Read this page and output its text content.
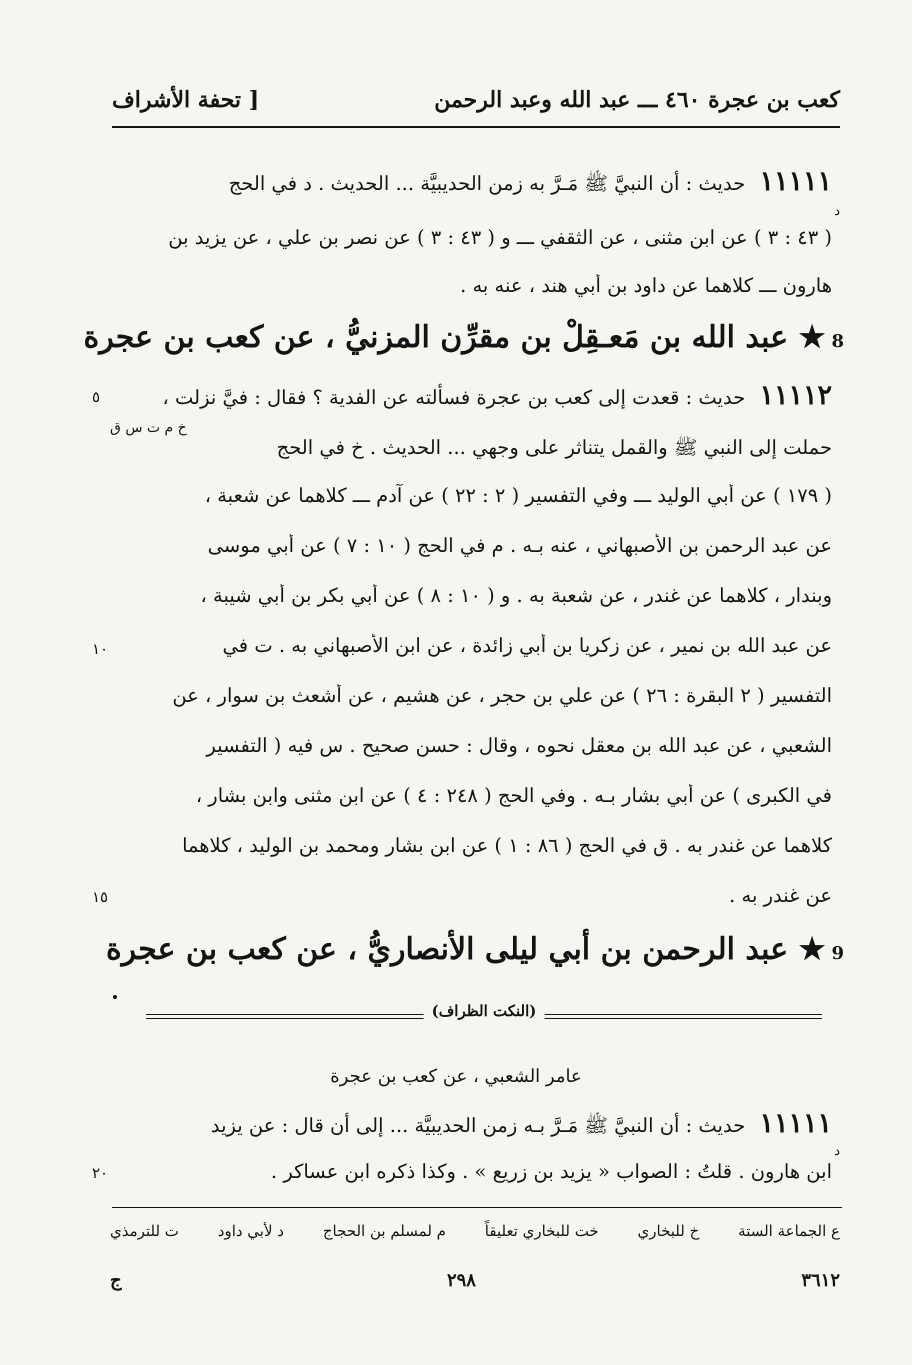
كعب بن عجرة ٤٦٠ ـــ عبد الله وعبد الرحمن
[ تحفة الأشراف
١١١١١ حديث : أن النبيَّ ﷺ مَـرَّ به زمن الحديبيَّة ... الحديث . د في الحج
د
( ٤٣ : ٣ ) عن ابن مثنى ، عن الثقفي ـــ و ( ٤٣ : ٣ ) عن نصر بن علي ، عن يزيد بن
هارون ـــ كلاهما عن داود بن أبي هند ، عنه به .
8★ عبد الله بن مَعـقِلْ بن مقرِّن المزنيُّ ، عن كعب بن عجرة
١١١١٢ حديث : قعدت إلى كعب بن عجرة فسألته عن الفدية ؟ فقال : فيَّ نزلت ،
خ م ت س ق
حملت إلى النبي ﷺ والقمل يتناثر على وجهي ... الحديث . خ في الحج
( ١٧٩ ) عن أبي الوليد ـــ وفي التفسير ( ٢ : ٢٢ ) عن آدم ـــ كلاهما عن شعبة ،
عن عبد الرحمن بن الأصبهاني ، عنه بـه . م في الحج ( ١٠ : ٧ ) عن أبي موسى
وبندار ، كلاهما عن غندر ، عن شعبة به . و ( ١٠ : ٨ ) عن أبي بكر بن أبي شيبة ،
عن عبد الله بن نمير ، عن زكريا بن أبي زائدة ، عن ابن الأصبهاني به . ت في
التفسير ( ٢ البقرة : ٢٦ ) عن علي بن حجر ، عن هشيم ، عن أشعث بن سوار ، عن
الشعبي ، عن عبد الله بن معقل نحوه ، وقال : حسن صحيح . س فيه ( التفسير
في الكبرى ) عن أبي بشار بـه . وفي الحج ( ٢٤٨ : ٤ ) عن ابن مثنى وابن بشار ،
كلاهما عن غندر به . ق في الحج ( ٨٦ : ١ ) عن ابن بشار ومحمد بن الوليد ، كلاهما
عن غندر به .
٥
١٠
١٥
9★ عبد الرحمن بن أبي ليلى الأنصاريُّ ، عن كعب بن عجرة
(النكت الظراف)
عامر الشعبي ، عن كعب بن عجرة
١١١١١ حديث : أن النبيَّ ﷺ مَـرَّ بـه زمن الحديبيَّة ... إلى أن قال : عن يزيد
د
ابن هارون . قلتُ : الصواب « يزيد بن زريع » . وكذا ذكره ابن عساكر .
٢٠
ع الجماعة الستة
خ للبخاري
خت للبخاري تعليقاً
م لمسلم بن الحجاج
د لأبي داود
ت للترمذي
٣٦١٢
٢٩٨
ج
